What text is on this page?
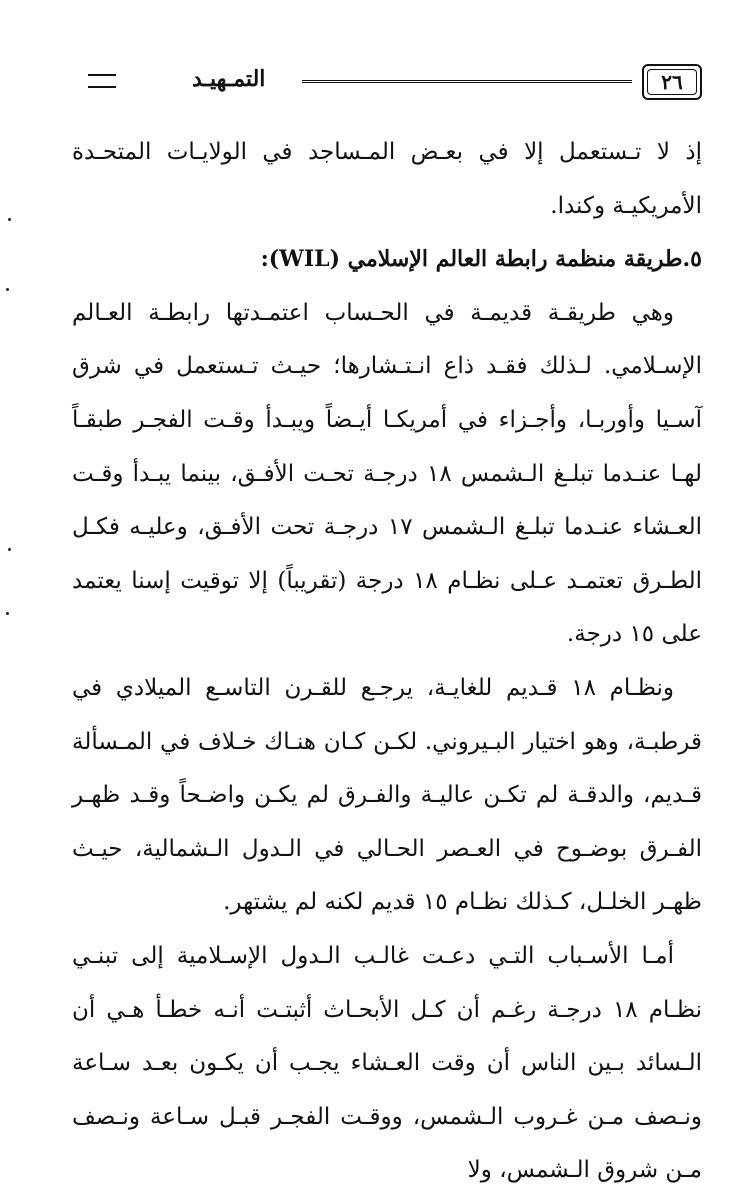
التمـهيـد	٢٦

إذ لا تـستعمل إلا في بعـض المـساجد في الولايـات المتحـدة الأمريكيـة وكندا.

٥.طريقة منظمة رابطة العالم الإسلامي (WIL):

وهي طريقـة قديمـة في الحـساب اعتمـدتها رابطـة العـالم الإسـلامي. لـذلك فقـد ذاع انـتـشارها؛ حيـث تـستعمل في شرق آسـيا وأوربـا، وأجـزاء في أمريكـا أيـضاً ويبـدأ وقـت الفجـر طبقـاً لهـا عنـدما تبلـغ الـشمس ١٨ درجـة تحـت الأفـق، بينما يبـدأ وقـت العـشاء عنـدما تبلـغ الـشمس ١٧ درجـة تحت الأفـق، وعليـه فكـل الطـرق تعتمـد عـلى نظـام ١٨ درجة (تقريباً) إلا توقيت إسنا يعتمد على ١٥ درجة.

ونظـام ١٨ قـديم للغايـة، يرجـع للقـرن التاسـع الميلادي في قرطبـة، وهو اختيار البـيروني. لكـن كـان هنـاك خـلاف في المـسألة قـديم، والدقـة لم تكـن عاليـة والفـرق لم يكـن واضـحاً وقـد ظهـر الفـرق بوضـوح في العـصر الحـالي في الـدول الـشمالية، حيـث ظهـر الخلـل، كـذلك نظـام ١٥ قديم لكنه لم يشتهر.

أمـا الأسـباب التـي دعـت غالـب الـدول الإسـلامية إلى تبنـي نظـام ١٨ درجـة رغـم أن كـل الأبحـاث أثبتـت أنـه خطـأ هـي أن الـسائد بـين الناس أن وقت العـشاء يجـب أن يكـون بعـد سـاعة ونـصف مـن غـروب الـشمس، ووقـت الفجـر قبـل سـاعة ونـصف مـن شروق الـشمس، ولا
